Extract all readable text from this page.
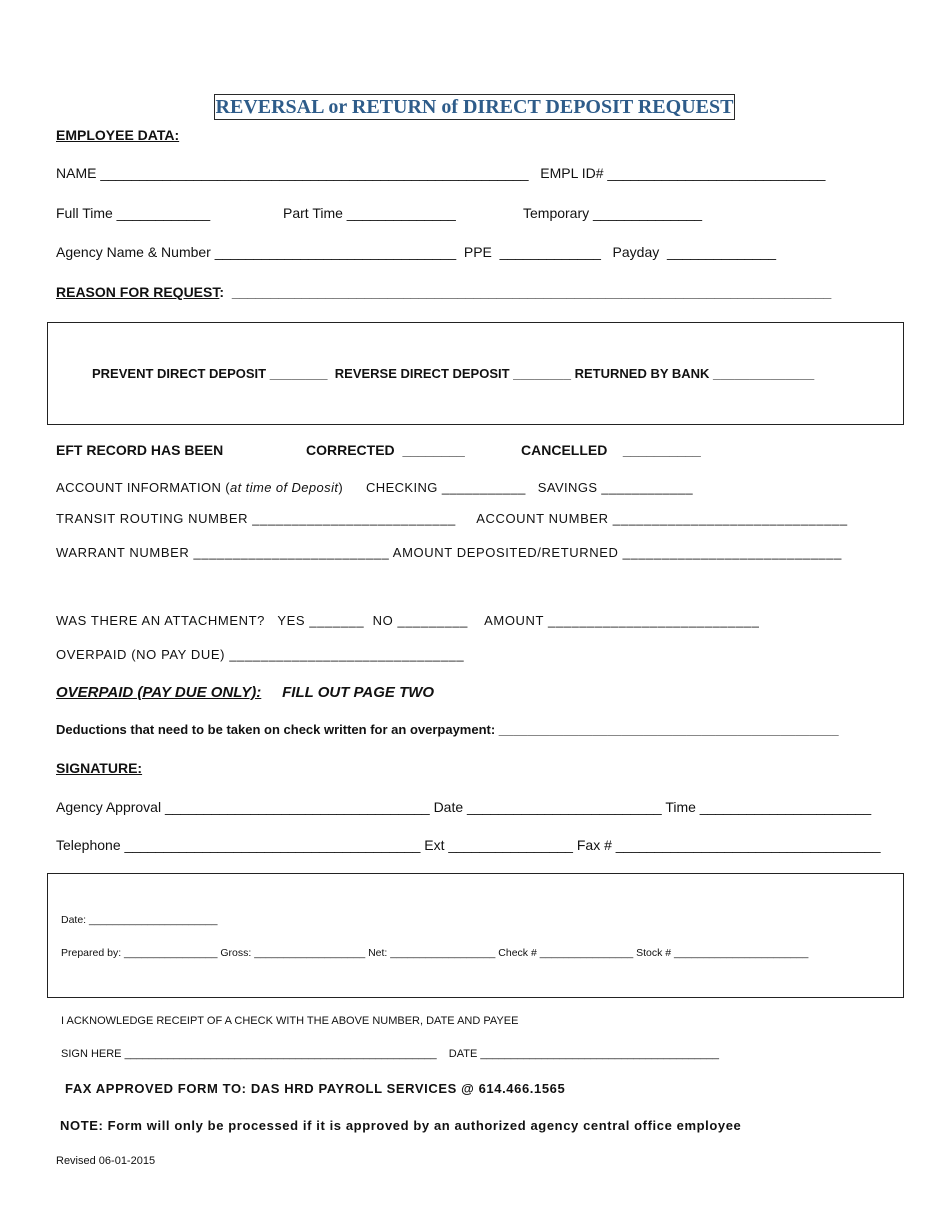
REVERSAL or RETURN of DIRECT DEPOSIT REQUEST
EMPLOYEE DATA:
NAME _______________________________________________________   EMPL ID# ____________________________
Full Time ____________	Part Time ______________	Temporary ______________
Agency Name & Number _______________________________  PPE  _____________   Payday  ______________
REASON FOR REQUEST: _____________________________________________________________________________
PREVENT DIRECT DEPOSIT ________  REVERSE DIRECT DEPOSIT ________ RETURNED BY BANK ______________
EFT RECORD HAS BEEN	CORRECTED  ________	CANCELLED    __________
ACCOUNT INFORMATION (at time of Deposit) CHECKING ___________   SAVINGS ____________
TRANSIT ROUTING NUMBER __________________________     ACCOUNT NUMBER ______________________________
WARRANT NUMBER _________________________ AMOUNT DEPOSITED/RETURNED ____________________________
WAS THERE AN ATTACHMENT?   YES _______  NO _________    AMOUNT ___________________________
OVERPAID (NO PAY DUE) ______________________________
OVERPAID (PAY DUE ONLY): FILL OUT PAGE TWO
Deductions that need to be taken on check written for an overpayment: _______________________________________________
SIGNATURE:
Agency Approval __________________________________ Date _________________________ Time ______________________
Telephone ______________________________________ Ext ________________ Fax # __________________________________
Date: ______________________
Prepared by: ________________ Gross: ___________________ Net: __________________ Check # ________________ Stock # _______________________
I ACKNOWLEDGE RECEIPT OF A CHECK WITH THE ABOVE NUMBER, DATE AND PAYEE
SIGN HERE ___________________________________________________    DATE _______________________________________
FAX APPROVED FORM TO: DAS HRD PAYROLL SERVICES @ 614.466.1565
NOTE: Form will only be processed if it is approved by an authorized agency central office employee
Revised 06-01-2015
